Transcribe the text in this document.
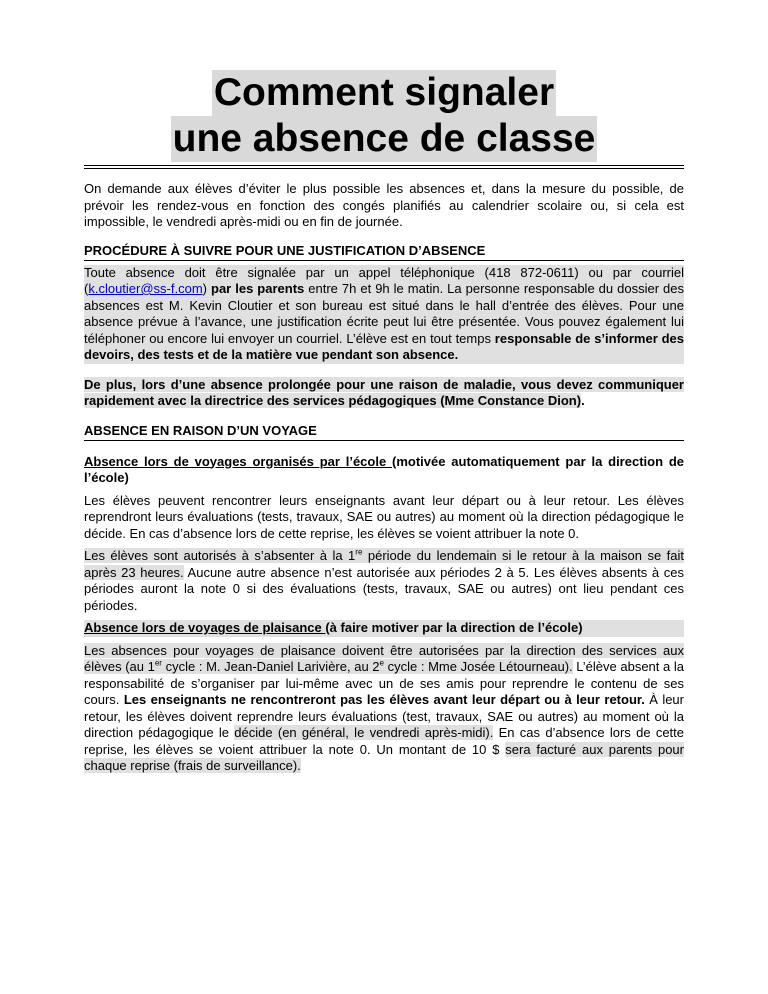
Comment signaler
une absence de classe

On demande aux élèves d’éviter le plus possible les absences et, dans la mesure du possible, de prévoir les rendez-vous en fonction des congés planifiés au calendrier scolaire ou, si cela est impossible, le vendredi après-midi ou en fin de journée.

PROCÉDURE À SUIVRE POUR UNE JUSTIFICATION D’ABSENCE

Toute absence doit être signalée par un appel téléphonique (418 872-0611) ou par courriel (k.cloutier@ss-f.com) par les parents entre 7h et 9h le matin. La personne responsable du dossier des absences est M. Kevin Cloutier et son bureau est situé dans le hall d’entrée des élèves. Pour une absence prévue à l’avance, une justification écrite peut lui être présentée. Vous pouvez également lui téléphoner ou encore lui envoyer un courriel. L’élève est en tout temps responsable de s’informer des devoirs, des tests et de la matière vue pendant son absence.

De plus, lors d’une absence prolongée pour une raison de maladie, vous devez communiquer rapidement avec la directrice des services pédagogiques (Mme Constance Dion).

ABSENCE EN RAISON D’UN VOYAGE
Absence lors de voyages organisés par l’école (motivée automatiquement par la direction de l’école)

Les élèves peuvent rencontrer leurs enseignants avant leur départ ou à leur retour. Les élèves reprendront leurs évaluations (tests, travaux, SAE ou autres) au moment où la direction pédagogique le décide. En cas d’absence lors de cette reprise, les élèves se voient attribuer la note 0.

Les élèves sont autorisés à s’absenter à la 1re période du lendemain si le retour à la maison se fait après 23 heures. Aucune autre absence n’est autorisée aux périodes 2 à 5. Les élèves absents à ces périodes auront la note 0 si des évaluations (tests, travaux, SAE ou autres) ont lieu pendant ces périodes.

Absence lors de voyages de plaisance (à faire motiver par la direction de l’école)

Les absences pour voyages de plaisance doivent être autorisées par la direction des services aux élèves (au 1er cycle : M. Jean-Daniel Larivière, au 2e cycle : Mme Josée Létourneau). L’élève absent a la responsabilité de s’organiser par lui-même avec un de ses amis pour reprendre le contenu de ses cours. Les enseignants ne rencontreront pas les élèves avant leur départ ou à leur retour. À leur retour, les élèves doivent reprendre leurs évaluations (test, travaux, SAE ou autres) au moment où la direction pédagogique le décide (en général, le vendredi après-midi). En cas d’absence lors de cette reprise, les élèves se voient attribuer la note 0. Un montant de 10 $ sera facturé aux parents pour chaque reprise (frais de surveillance).
